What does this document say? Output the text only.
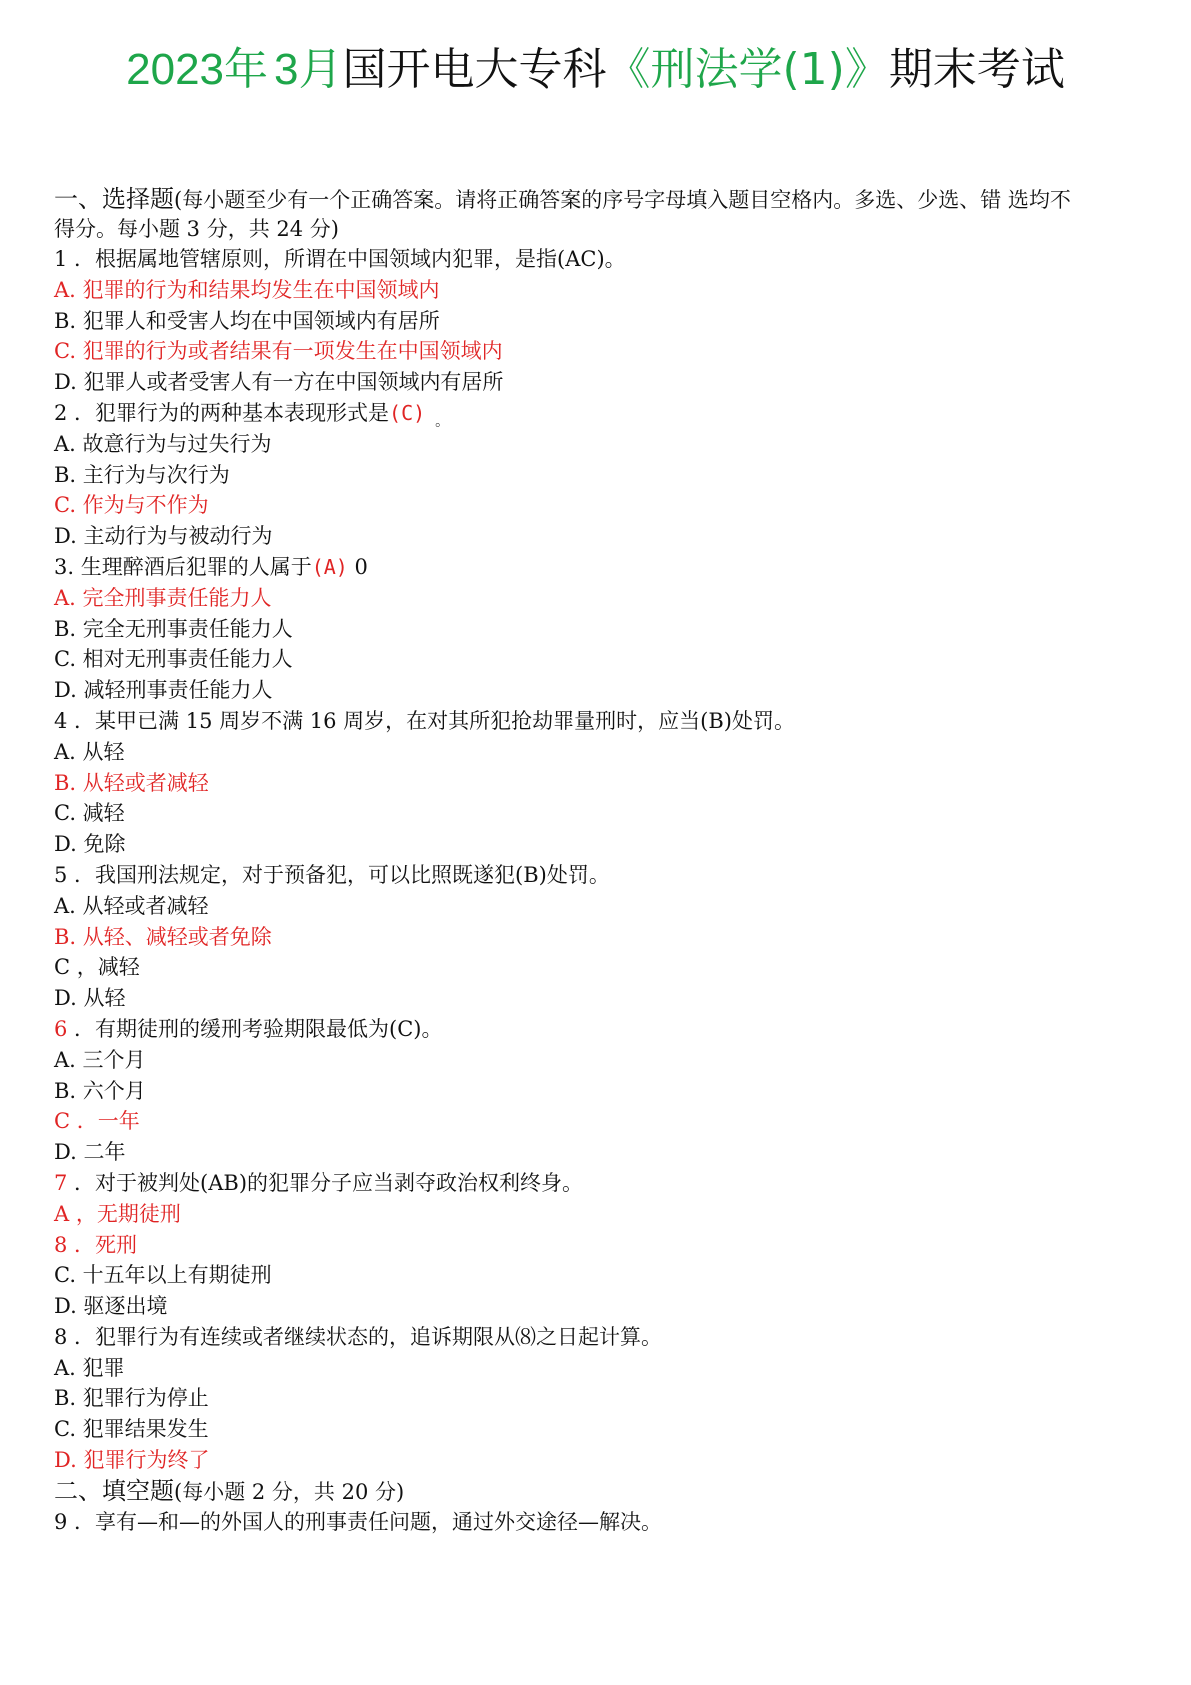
2023年 3月国开电大专科《刑法学(1)》期末考试
一、选择题(每小题至少有一个正确答案。请将正确答案的序号字母填入题目空格内。多选、少选、错 选均不
得分。每小题 3 分，共 24 分)
1 ．根据属地管辖原则，所谓在中国领域内犯罪，是指(AC)。
A. 犯罪的行为和结果均发生在中国领域内
B. 犯罪人和受害人均在中国领域内有居所
C. 犯罪的行为或者结果有一项发生在中国领域内
D. 犯罪人或者受害人有一方在中国领域内有居所
2 ．犯罪行为的两种基本表现形式是(C) $_。$
A. 故意行为与过失行为
B. 主行为与次行为
C. 作为与不作为
D. 主动行为与被动行为
3. 生理醉酒后犯罪的人属于(A) 0
A. 完全刑事责任能力人
B. 完全无刑事责任能力人
C. 相对无刑事责任能力人
D. 减轻刑事责任能力人
4 ．某甲已满 15 周岁不满 16 周岁，在对其所犯抢劫罪量刑时，应当(B)处罚。
A. 从轻
B. 从轻或者减轻
C. 减轻
D. 免除
5 ．我国刑法规定，对于预备犯，可以比照既遂犯(B)处罚。
A. 从轻或者减轻
B. 从轻、减轻或者免除
C ，减轻
D. 从轻
6 ．有期徒刑的缓刑考验期限最低为(C)。
A. 三个月
B. 六个月
C ．一年
D. 二年
7 ．对于被判处(AB)的犯罪分子应当剥夺政治权利终身。
A ，无期徒刑
8 ．死刑
C. 十五年以上有期徒刑
D. 驱逐出境
8 ．犯罪行为有连续或者继续状态的，追诉期限从⑻之日起计算。
A. 犯罪
B. 犯罪行为停止
C. 犯罪结果发生
D. 犯罪行为终了
二、填空题(每小题 2 分，共 20 分)
9 ．享有—和—的外国人的刑事责任问题，通过外交途径—解决。
